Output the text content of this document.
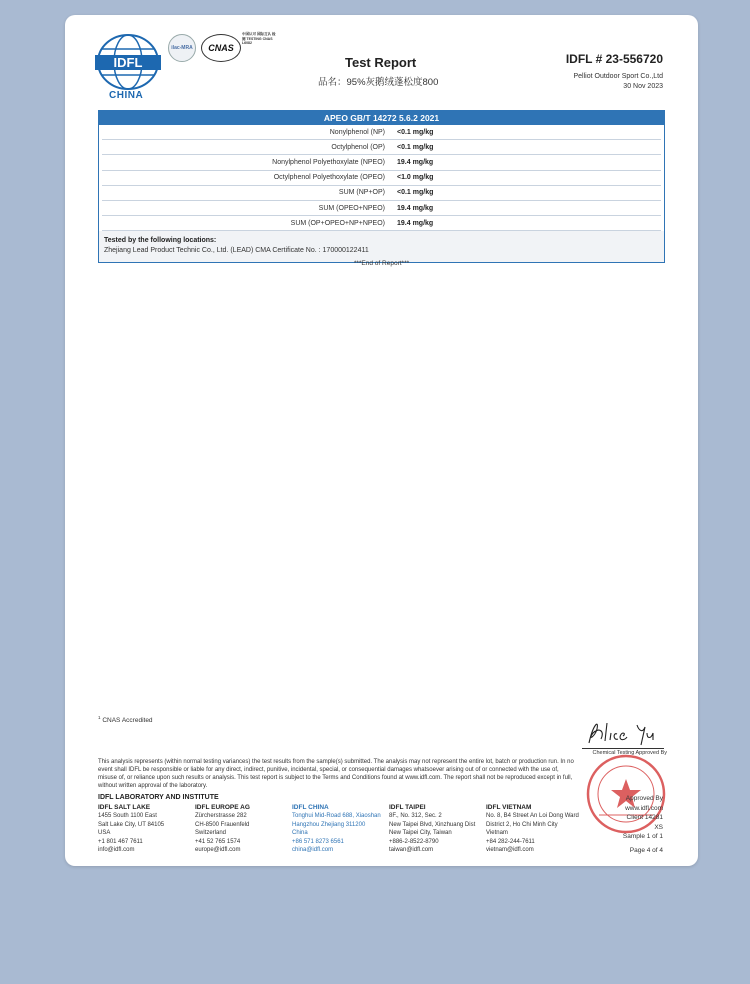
IDFL
CHINA
ilac-MRA	CNAS
中国认可 国际互认 检测 TESTING CNAS L6082
Test Report
品名：95%灰鹅绒蓬松度800
IDFL # 23-556720
Pelliot Outdoor Sport Co.,Ltd
30 Nov 2023
APEO GB/T 14272 5.6.2 2021
Nonylphenol (NP)	<0.1 mg/kg
Octylphenol (OP)	<0.1 mg/kg
Nonylphenol Polyethoxylate (NPEO)	19.4 mg/kg
Octylphenol Polyethoxylate (OPEO)	<1.0 mg/kg
SUM (NP+OP)	<0.1 mg/kg
SUM (OPEO+NPEO)	19.4 mg/kg
SUM (OP+OPEO+NP+NPEO)	19.4 mg/kg
Tested by the following locations:
Zhejiang Lead Product Technic Co., Ltd. (LEAD) CMA Certificate No. : 170000122411
***End of Report***
$^1$ CNAS Accredited
Chemical Testing Approved By
This analysis represents (within normal testing variances) the test results from the sample(s) submitted. The analysis may not represent the entire lot, batch or production run. In no event shall IDFL be responsible or liable for any direct, indirect, punitive, incidental, special, or consequential damages whatsoever arising out of or connected with the use of, misuse of, or reliance upon such results or analysis. This test report is subject to the Terms and Conditions found at www.idfl.com. The report shall not be reproduced except in full, without written approval of the laboratory.
IDFL LABORATORY AND INSTITUTE
IDFL SALT LAKE
1455 South 1100 East
Salt Lake City, UT 84105
USA
+1 801 467 7611
info@idfl.com
IDFL EUROPE AG
Zürcherstrasse 282
CH-8500 Frauenfeld
Switzerland
+41 52 765 1574
europe@idfl.com
IDFL CHINA
Tonghui Mid-Road 688, Xiaoshan
Hangzhou Zhejiang 311200
China
+86 571 8273 6561
china@idfl.com
IDFL TAIPEI
8F., No. 312, Sec. 2
New Taipei Blvd, Xinzhuang Dist
New Taipei City, Taiwan
+886-2-8522-8790
taiwan@idfl.com
IDFL VIETNAM
No. 8, B4 Street An Loi Dong Ward
District 2, Ho Chi Minh City
Vietnam
+84 282-244-7611
vietnam@idfl.com
Approved By
www.idfl.com
Client 14281
XS
Sample 1 of 1
Page 4 of 4
